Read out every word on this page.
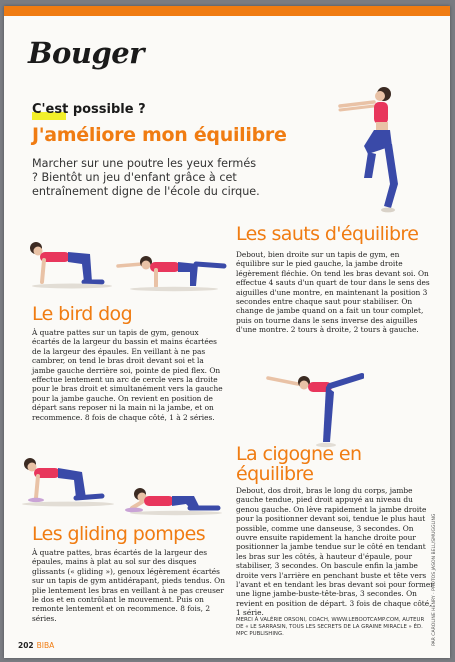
Bouger
C'est possible ?
J'améliore mon équilibre

Marcher sur une poutre les yeux fermés ? Bientôt un jeu d'enfant grâce à cet entraînement digne de l'école du cirque.

Les sauts d'équilibre

Debout, bien droite sur un tapis de gym, en équilibre sur le pied gauche, la jambe droite légèrement fléchie. On tend les bras devant soi. On effectue 4 sauts d'un quart de tour dans le sens des aiguilles d'une montre, en maintenant la position 3 secondes entre chaque saut pour stabiliser. On change de jambe quand on a fait un tour complet, puis on tourne dans le sens inverse des aiguilles d'une montre. 2 tours à droite, 2 tours à gauche.

Le bird dog

À quatre pattes sur un tapis de gym, genoux écartés de la largeur du bassin et mains écartées de la largeur des épaules. En veillant à ne pas cambrer, on tend le bras droit devant soi et la jambe gauche derrière soi, pointe de pied flex. On effectue lentement un arc de cercle vers la droite pour le bras droit et simultanément vers la gauche pour la jambe gauche. On revient en position de départ sans reposer ni la main ni la jambe, et on recommence. 8 fois de chaque côté, 1 à 2 séries.

La cigogne en équilibre

Debout, dos droit, bras le long du corps, jambe gauche tendue, pied droit appuyé au niveau du genou gauche. On lève rapidement la jambe droite pour la positionner devant soi, tendue le plus haut possible, comme une danseuse, 3 secondes. On ouvre ensuite rapidement la hanche droite pour positionner la jambe tendue sur le côté en tendant les bras sur les côtés, à hauteur d'épaule, pour stabiliser, 3 secondes. On bascule enfin la jambe droite vers l'arrière en penchant buste et tête vers l'avant et en tendant les bras devant soi pour former une ligne jambe-buste-tête-bras, 3 secondes. On revient en position de départ. 3 fois de chaque côté, 1 série.

Les gliding pompes

À quatre pattes, bras écartés de la largeur des épaules, mains à plat au sol sur des disques glissants (« gliding »), genoux légèrement écartés sur un tapis de gym antidérapant, pieds tendus. On plie lentement les bras en veillant à ne pas creuser le dos et en contrôlant le mouvement. Puis on remonte lentement et on recommence. 8 fois, 2 séries.	MERCI À VALÉRIE ORSONI, COACH, WWW.LEBOOTCAMP.COM, AUTEUR DE « LE SARRASIN, TOUS LES SECRETS DE LA GRAINE MIRACLE » ÉD. MPC PUBLISHING.

202 BIBA	PAR CAROLINE HENRY · PHOTOS JASON BELL/SMUGGLING
